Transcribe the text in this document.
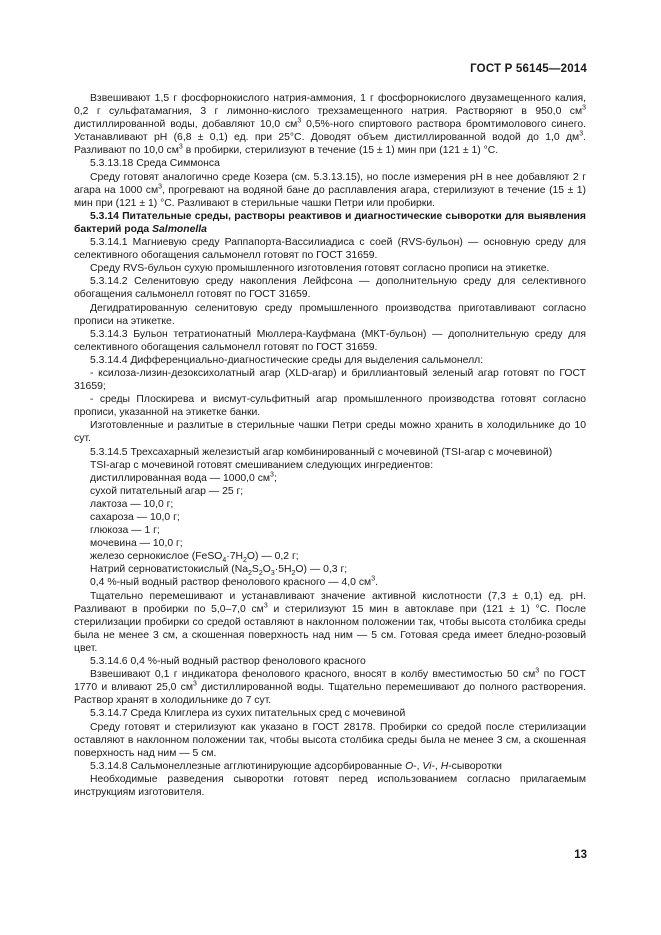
ГОСТ Р 56145—2014

Взвешивают 1,5 г фосфорнокислого натрия-аммония, 1 г фосфорнокислого двузамещенного калия, 0,2 г сульфатамагния, 3 г лимонно-кислого трехзамещенного натрия. Растворяют в 950,0 $см^3$ дистиллированной воды, добавляют 10,0 $см^3$ 0,5%-ного спиртового раствора бромтимолового синего. Устанавливают pH (6,8 ± 0,1) ед. при 25°С. Доводят объем дистиллированной водой до 1,0 $дм^3$. Разливают по 10,0 $см^3$ в пробирки, стерилизуют в течение (15 ± 1) мин при (121 ± 1) °С.

5.3.13.18 Среда Симмонса

Среду готовят аналогично среде Козера (см. 5.3.13.15), но после измерения pH в нее добавляют 2 г агара на 1000 $см^3$, прогревают на водяной бане до расплавления агара, стерилизуют в течение (15 ± 1) мин при (121 ± 1) °С. Разливают в стерильные чашки Петри или пробирки.

5.3.14 Питательные среды, растворы реактивов и диагностические сыворотки для выявления бактерий рода Salmonella

5.3.14.1 Магниевую среду Раппапорта-Вассилиадиса с соей (RVS-бульон) — основную среду для селективного обогащения сальмонелл готовят по ГОСТ 31659.

Среду RVS-бульон сухую промышленного изготовления готовят согласно прописи на этикетке.

5.3.14.2 Селенитовую среду накопления Лейфсона — дополнительную среду для селективного обогащения сальмонелл готовят по ГОСТ 31659.

Дегидратированную селенитовую среду промышленного производства приготавливают согласно прописи на этикетке.

5.3.14.3 Бульон тетратионатный Мюллера-Кауфмана (МКТ-бульон) — дополнительную среду для селективного обогащения сальмонелл готовят по ГОСТ 31659.

5.3.14.4 Дифференциально-диагностические среды для выделения сальмонелл:

- ксилоза-лизин-дезоксихолатный агар (XLD-агар) и бриллиантовый зеленый агар готовят по ГОСТ 31659;

- среды Плоскирева и висмут-сульфитный агар промышленного производства готовят согласно прописи, указанной на этикетке банки.

Изготовленные и разлитые в стерильные чашки Петри среды можно хранить в холодильнике до 10 сут.

5.3.14.5 Трехсахарный железистый агар комбинированный с мочевиной (TSI-агар с мочевиной)

TSI-агар с мочевиной готовят смешиванием следующих ингредиентов:

дистиллированная вода — 1000,0 $см^3$;

сухой питательный агар — 25 г;

лактоза — 10,0 г;

сахароза — 10,0 г;

глюкоза — 1 г;

мочевина — 10,0 г;

железо сернокислое $(FeSO_4\cdot 7H_2O)$ — 0,2 г;

Натрий серноватистокислый $(Na_2S_2O_3\cdot 5H_2O)$ — 0,3 г;

0,4 %-ный водный раствор фенолового красного — 4,0 $см^3$.

Тщательно перемешивают и устанавливают значение активной кислотности (7,3 ± 0,1) ед. pH. Разливают в пробирки по 5,0–7,0 $см^3$ и стерилизуют 15 мин в автоклаве при (121 ± 1) °С. После стерилизации пробирки со средой оставляют в наклонном положении так, чтобы высота столбика среды была не менее 3 см, а скошенная поверхность над ним — 5 см. Готовая среда имеет бледно-розовый цвет.

5.3.14.6 0,4 %-ный водный раствор фенолового красного

Взвешивают 0,1 г индикатора фенолового красного, вносят в колбу вместимостью 50 $см^3$ по ГОСТ 1770 и вливают 25,0 $см^3$ дистиллированной воды. Тщательно перемешивают до полного растворения. Раствор хранят в холодильнике до 7 сут.

5.3.14.7 Среда Клиглера из сухих питательных сред с мочевиной

Среду готовят и стерилизуют как указано в ГОСТ 28178. Пробирки со средой после стерилизации оставляют в наклонном положении так, чтобы высота столбика среды была не менее 3 см, а скошенная поверхность над ним — 5 см.

5.3.14.8 Сальмонеллезные агглютинирующие адсорбированные О-, Vi-, Н-сыворотки

Необходимые разведения сыворотки готовят перед использованием согласно прилагаемым инструкциям изготовителя.

13
